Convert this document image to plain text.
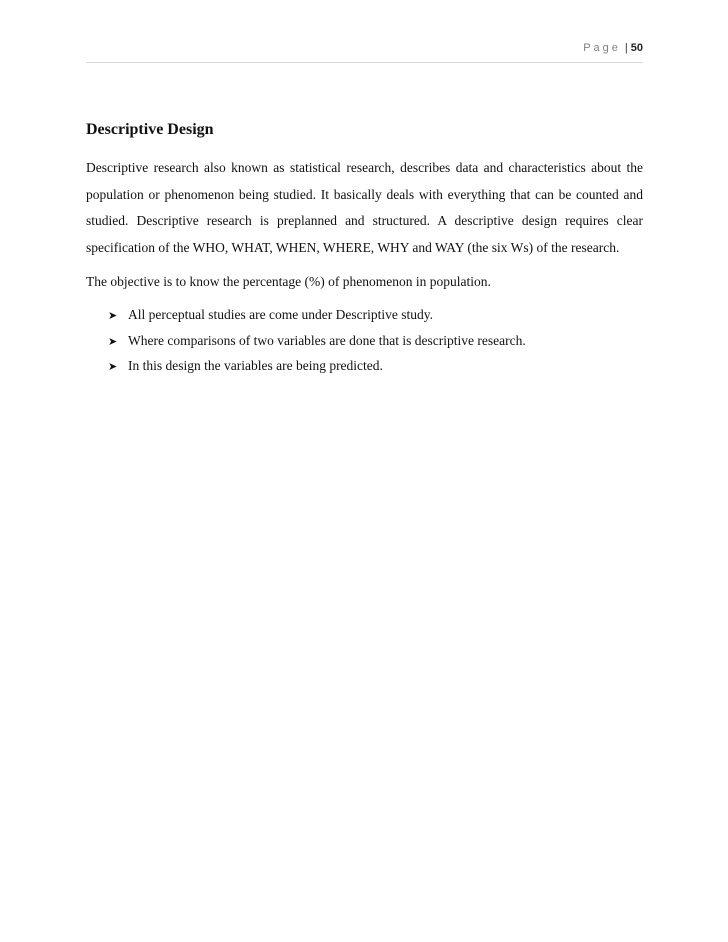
Page | 50
Descriptive Design

Descriptive research also known as statistical research, describes data and characteristics about the population or phenomenon being studied. It basically deals with everything that can be counted and studied. Descriptive research is preplanned and structured. A descriptive design requires clear specification of the WHO, WHAT, WHEN, WHERE, WHY and WAY (the six Ws) of the research.

The objective is to know the percentage (%) of phenomenon in population.

➤ All perceptual studies are come under Descriptive study.
➤ Where comparisons of two variables are done that is descriptive research.
➤ In this design the variables are being predicted.
